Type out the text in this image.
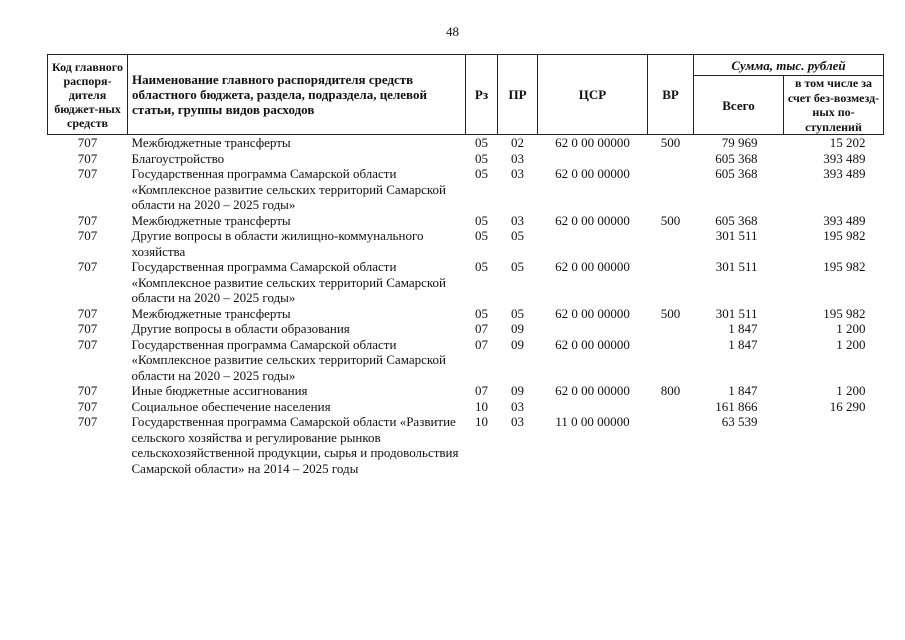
48
Код главного распоря-дителя бюджет-ных средств	Наименование главного распорядителя средств областного бюджета, раздела, подраздела, целевой статьи, группы видов расходов	Рз	ПР	ЦСР	ВР	Сумма, тыс. рублей	
						Всего	в том числе за счет без-возмезд-ных по-ступлений
707	Межбюджетные трансферты	05	02	62 0 00 00000	500	79 969	15 202
707	Благоустройство	05	03			605 368	393 489
707	Государственная программа Самарской области «Комплексное развитие сельских территорий Самарской области на 2020 – 2025 годы»	05	03	62 0 00 00000		605 368	393 489
707	Межбюджетные трансферты	05	03	62 0 00 00000	500	605 368	393 489
707	Другие вопросы в области жилищно-коммунального хозяйства	05	05			301 511	195 982
707	Государственная программа Самарской области «Комплексное развитие сельских территорий Самарской области на 2020 – 2025 годы»	05	05	62 0 00 00000		301 511	195 982
707	Межбюджетные трансферты	05	05	62 0 00 00000	500	301 511	195 982
707	Другие вопросы в области образования	07	09			1 847	1 200
707	Государственная программа Самарской области «Комплексное развитие сельских территорий Самарской области на 2020 – 2025 годы»	07	09	62 0 00 00000		1 847	1 200
707	Иные бюджетные ассигнования	07	09	62 0 00 00000	800	1 847	1 200
707	Социальное обеспечение населения	10	03			161 866	16 290
707	Государственная программа Самарской области «Развитие сельского хозяйства и регулирование рынков сельскохозяйственной продукции, сырья и продовольствия Самарской области» на 2014 – 2025 годы	10	03	11 0 00 00000		63 539	
